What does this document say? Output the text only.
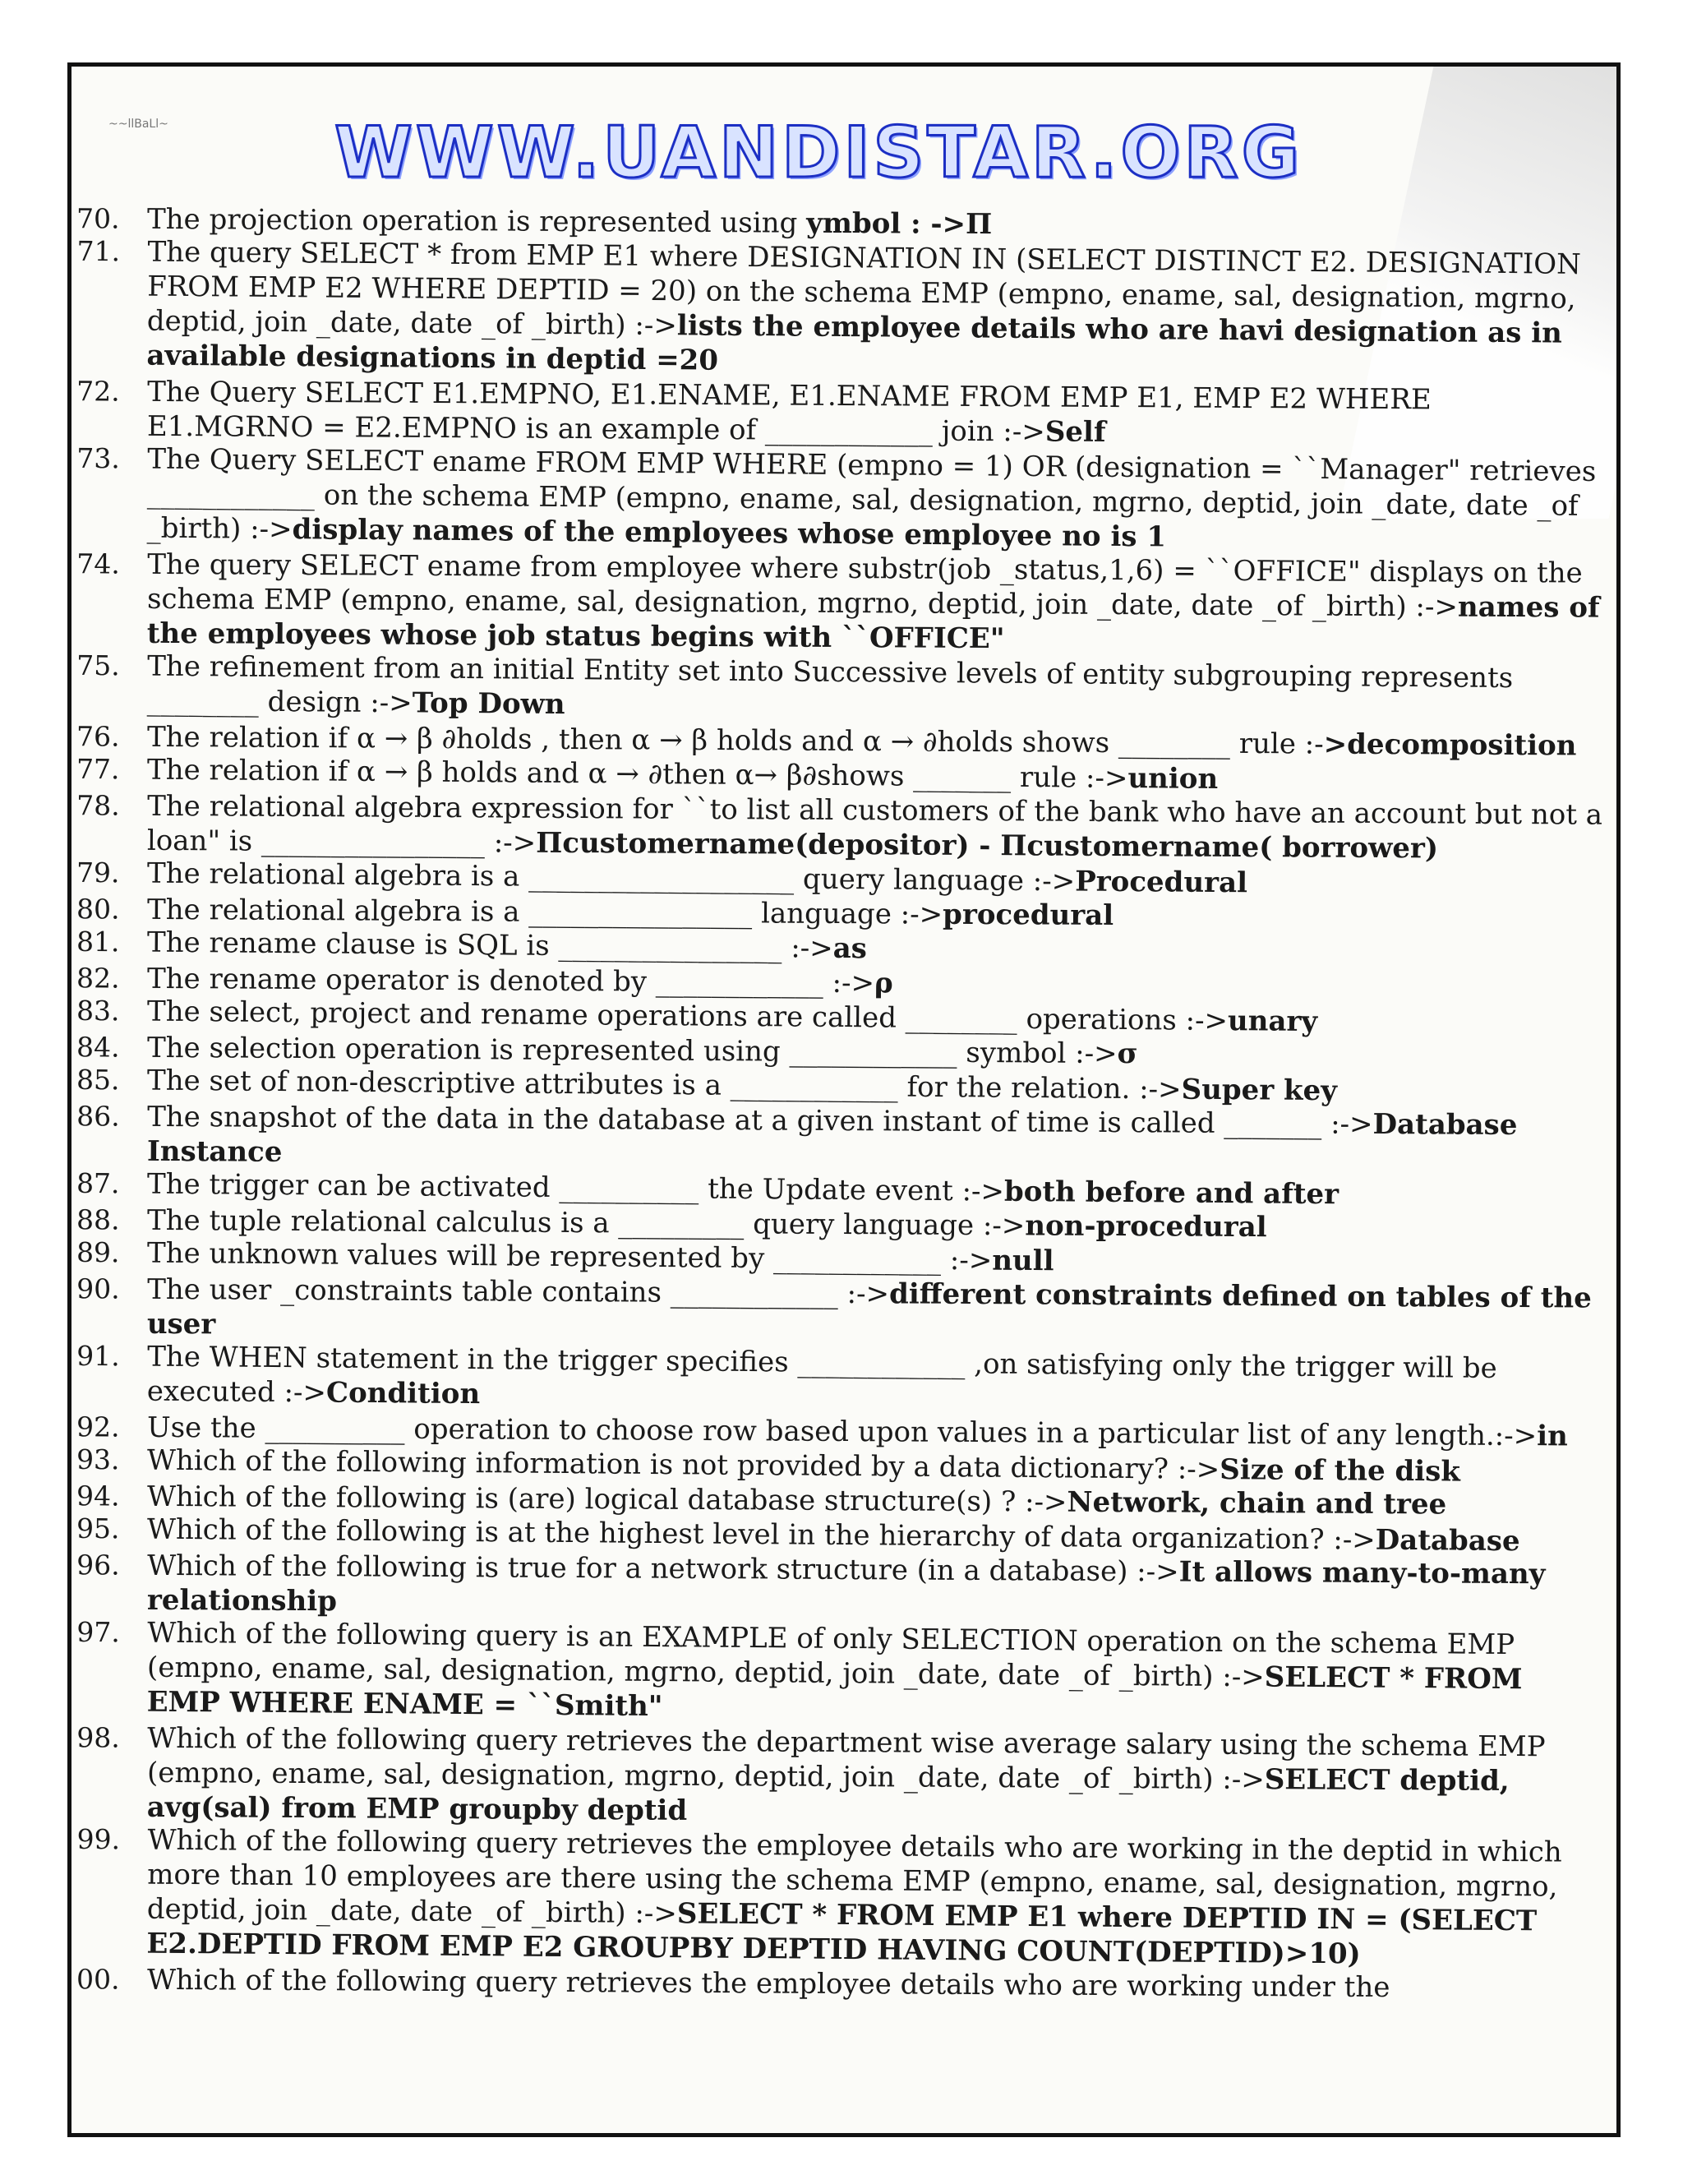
~~llBaLl~ WWW.UANDISTAR.ORG
70. The projection operation is represented using ymbol : ->Π
71. The query SELECT * from EMP E1 where DESIGNATION IN (SELECT DISTINCT E2. DESIGNATION FROM EMP E2 WHERE DEPTID = 20) on the schema EMP (empno, ename, sal, designation, mgrno, deptid, join _date, date _of _birth) :->lists the employee details who are havi designation as in available designations in deptid =20
72. The Query SELECT E1.EMPNO, E1.ENAME, E1.ENAME FROM EMP E1, EMP E2 WHERE E1.MGRNO = E2.EMPNO is an example of ____________ join :->Self
73. The Query SELECT ename FROM EMP WHERE (empno = 1) OR (designation = ``Manager" retrieves ____________ on the schema EMP (empno, ename, sal, designation, mgrno, deptid, join _date, date _of _birth) :->display names of the employees whose employee no is 1
74. The query SELECT ename from employee where substr(job _status,1,6) = ``OFFICE" displays on the schema EMP (empno, ename, sal, designation, mgrno, deptid, join _date, date _of _birth) :->names of the employees whose job status begins with ``OFFICE"
75. The refinement from an initial Entity set into Successive levels of entity subgrouping represents ________ design :->Top Down
76. The relation if α → β ∂holds , then α → β holds and α → ∂holds shows ________ rule :->decomposition
77. The relation if α → β holds and α → ∂then α→ β∂shows _______ rule :->union
78. The relational algebra expression for ``to list all customers of the bank who have an account but not a loan" is ________________ :->Πcustomername(depositor) - Πcustomername( borrower)
79. The relational algebra is a ___________________ query language :->Procedural
80. The relational algebra is a ________________ language :->procedural
81. The rename clause is SQL is ________________ :->as
82. The rename operator is denoted by ____________ :->ρ
83. The select, project and rename operations are called ________ operations :->unary
84. The selection operation is represented using ____________ symbol :->σ
85. The set of non-descriptive attributes is a ____________ for the relation. :->Super key
86. The snapshot of the data in the database at a given instant of time is called _______ :->Database Instance
87. The trigger can be activated __________ the Update event :->both before and after
88. The tuple relational calculus is a _________ query language :->non-procedural
89. The unknown values will be represented by ____________ :->null
90. The user _constraints table contains ____________ :->different constraints defined on tables of the user
91. The WHEN statement in the trigger specifies ____________ ,on satisfying only the trigger will be executed :->Condition
92. Use the __________ operation to choose row based upon values in a particular list of any length.:->in
93. Which of the following information is not provided by a data dictionary? :->Size of the disk
94. Which of the following is (are) logical database structure(s) ? :->Network, chain and tree
95. Which of the following is at the highest level in the hierarchy of data organization? :->Database
96. Which of the following is true for a network structure (in a database) :->It allows many-to-many relationship
97. Which of the following query is an EXAMPLE of only SELECTION operation on the schema EMP (empno, ename, sal, designation, mgrno, deptid, join _date, date _of _birth) :->SELECT * FROM EMP WHERE ENAME = ``Smith"
98. Which of the following query retrieves the department wise average salary using the schema EMP (empno, ename, sal, designation, mgrno, deptid, join _date, date _of _birth) :->SELECT deptid, avg(sal) from EMP groupby deptid
99. Which of the following query retrieves the employee details who are working in the deptid in which more than 10 employees are there using the schema EMP (empno, ename, sal, designation, mgrno, deptid, join _date, date _of _birth) :->SELECT * FROM EMP E1 where DEPTID IN = (SELECT E2.DEPTID FROM EMP E2 GROUPBY DEPTID HAVING COUNT(DEPTID)>10)
00. Which of the following query retrieves the employee details who are working under the
